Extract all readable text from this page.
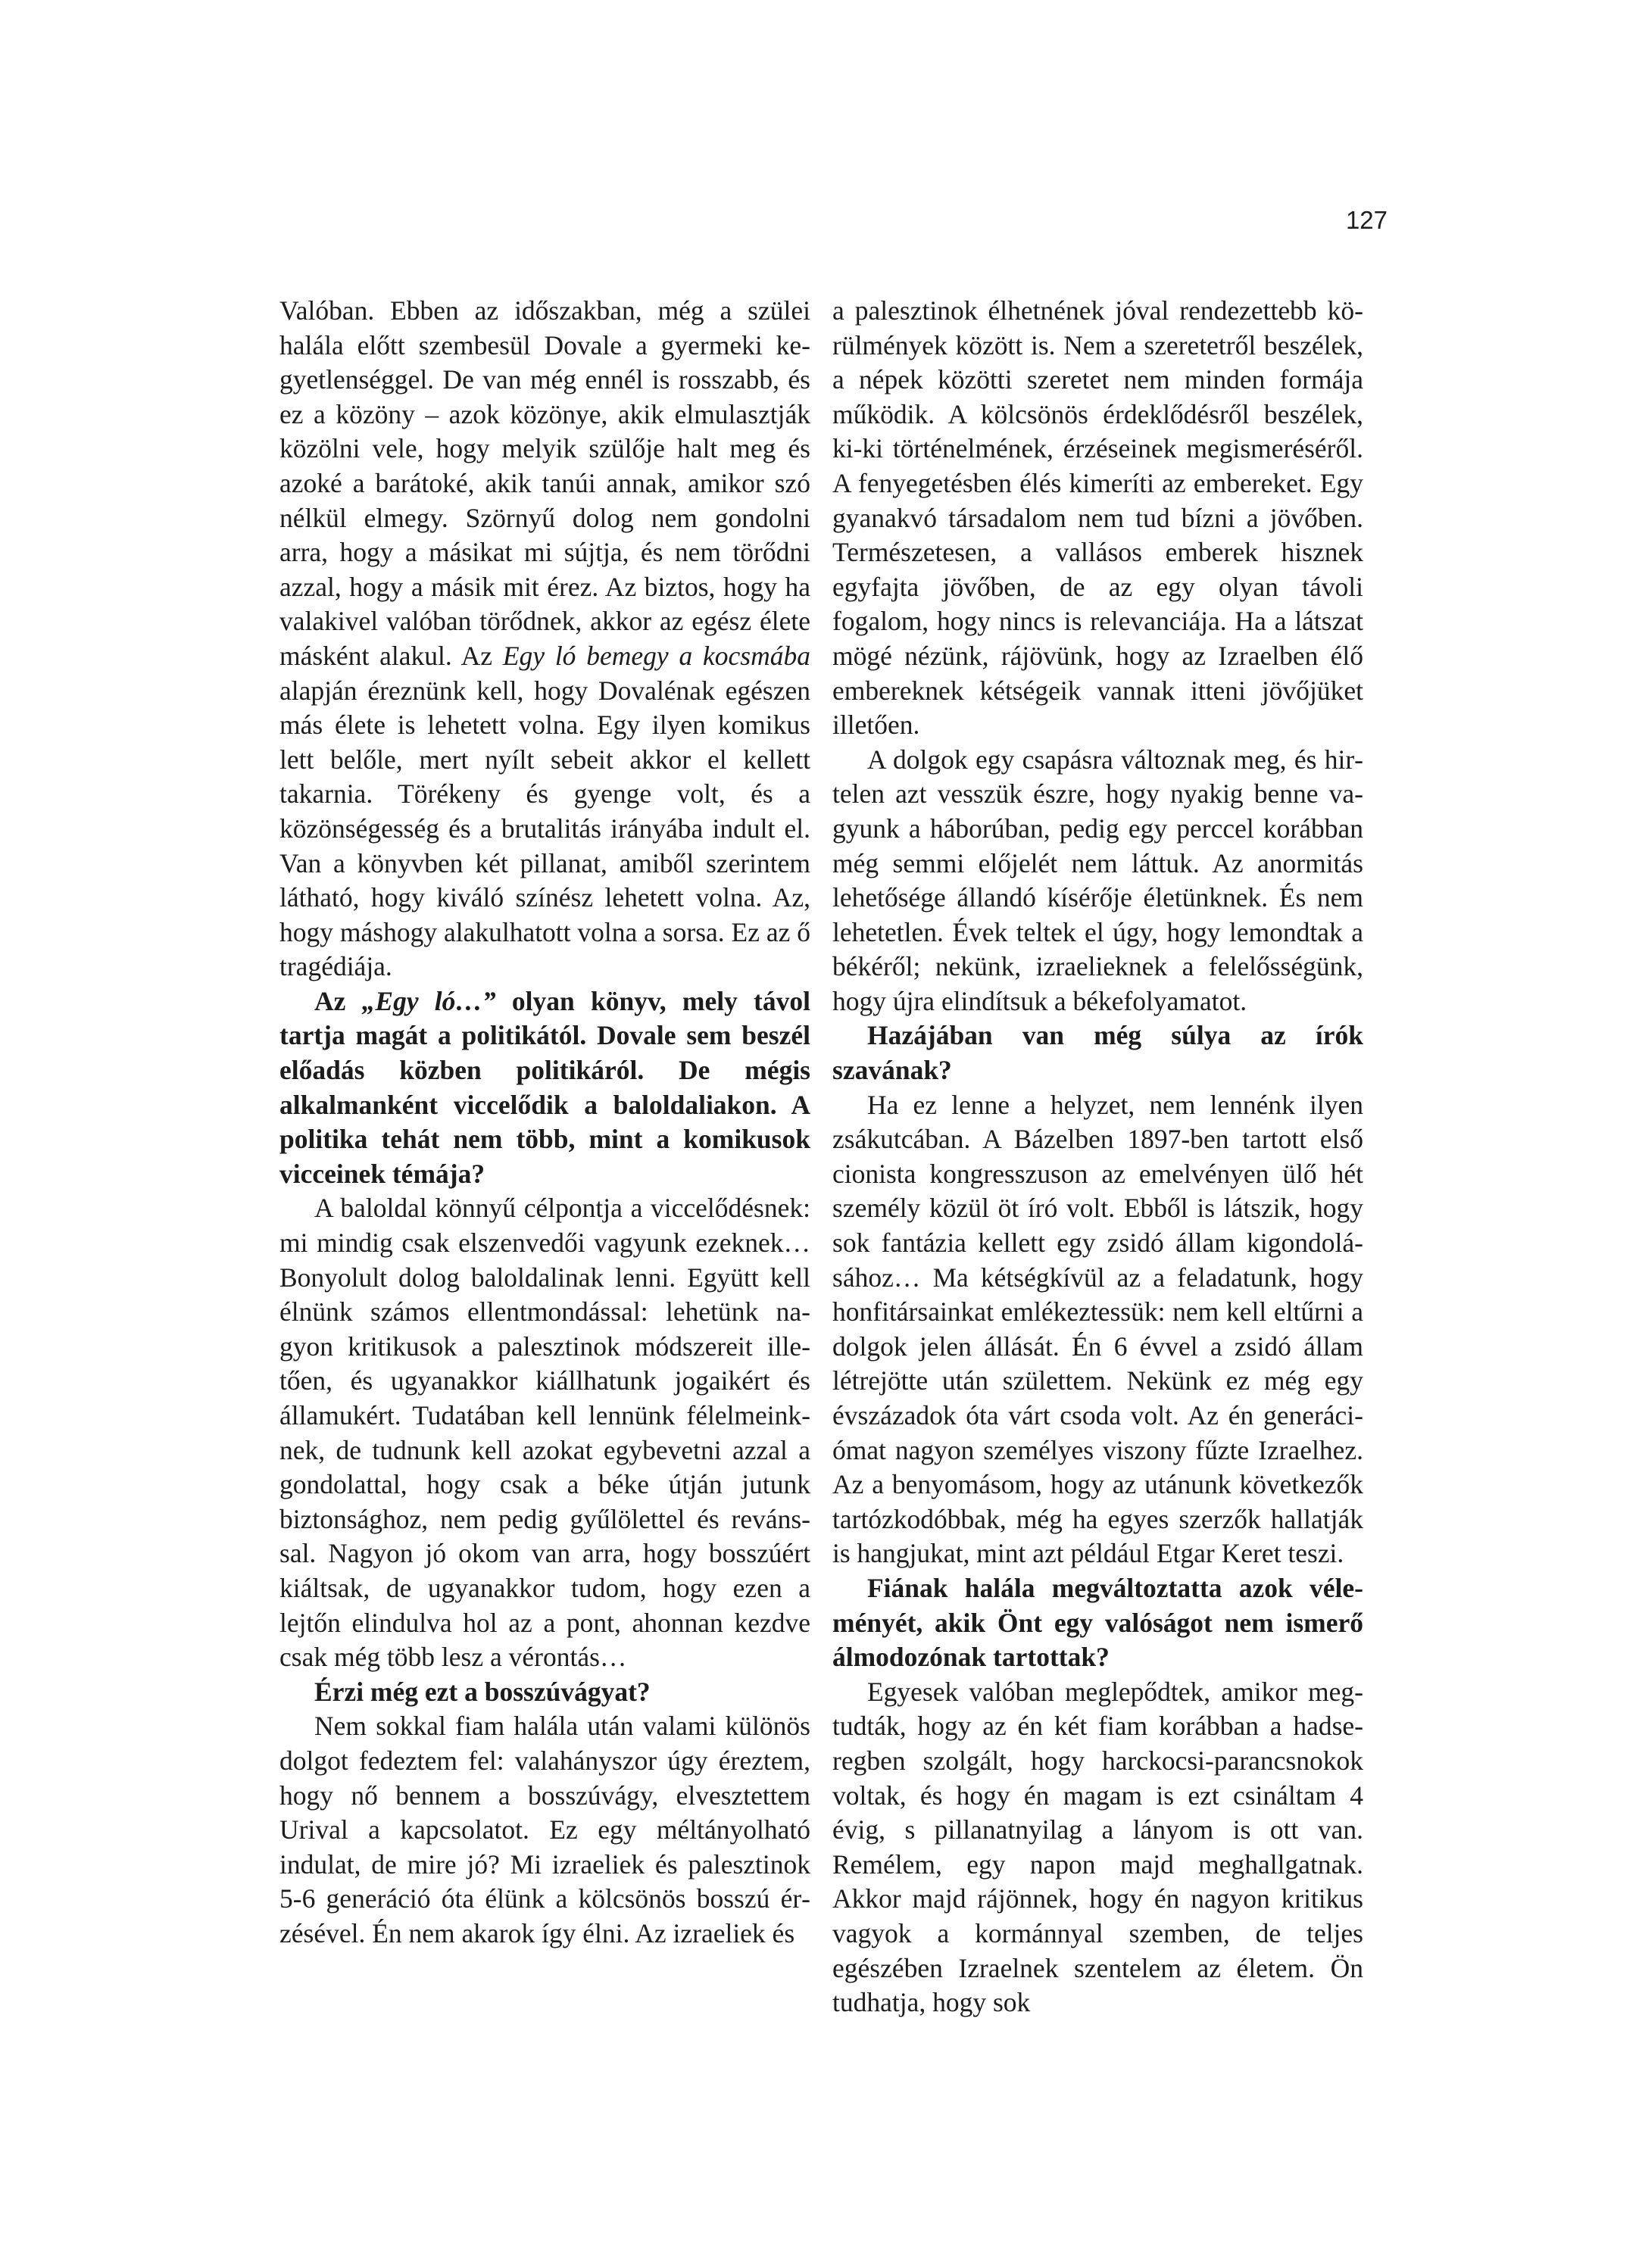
127

Valóban. Ebben az időszakban, még a szülei halála előtt szembesül Dovale a gyermeki kegyetlenséggel. De van még ennél is rosszabb, és ez a közöny – azok közönye, akik elmulasztják közölni vele, hogy melyik szülője halt meg és azoké a barátoké, akik tanúi annak, amikor szó nélkül elmegy. Szörnyű dolog nem gondolni arra, hogy a másikat mi sújtja, és nem törődni azzal, hogy a másik mit érez. Az biztos, hogy ha valakivel valóban törődnek, akkor az egész élete másként alakul. Az Egy ló bemegy a kocsmába alapján éreznünk kell, hogy Dovalénak egészen más élete is lehetett volna. Egy ilyen komikus lett belőle, mert nyílt sebeit akkor el kellett takarnia. Törékeny és gyenge volt, és a közönségesség és a brutalitás irányába indult el. Van a könyvben két pillanat, amiből szerintem látható, hogy kiváló színész lehetett volna. Az, hogy máshogy alakulhatott volna a sorsa. Ez az ő tragédiája.

Az „Egy ló…” olyan könyv, mely távol tartja magát a politikától. Dovale sem beszél előadás közben politikáról. De mégis alkalmanként viccelődik a baloldaliakon. A politika tehát nem több, mint a komikusok vicceinek témája?

A baloldal könnyű célpontja a viccelődésnek: mi mindig csak elszenvedői vagyunk ezeknek… Bonyolult dolog baloldalinak lenni. Együtt kell élnünk számos ellentmondással: lehetünk nagyon kritikusok a palesztinok módszereit illetően, és ugyanakkor kiállhatunk jogaikért és államukért. Tudatában kell lennünk félelmeinknek, de tudnunk kell azokat egybevetni azzal a gondolattal, hogy csak a béke útján jutunk biztonsághoz, nem pedig gyűlölettel és revánssal. Nagyon jó okom van arra, hogy bosszúért kiáltsak, de ugyanakkor tudom, hogy ezen a lejtőn elindulva hol az a pont, ahonnan kezdve csak még több lesz a vérontás…

Érzi még ezt a bosszúvágyat?

Nem sokkal fiam halála után valami különös dolgot fedeztem fel: valahányszor úgy éreztem, hogy nő bennem a bosszúvágy, elvesztettem Urival a kapcsolatot. Ez egy méltányolható indulat, de mire jó? Mi izraeliek és palesztinok 5-6 generáció óta élünk a kölcsönös bosszú érzésével. Én nem akarok így élni. Az izraeliek és

a palesztinok élhetnének jóval rendezettebb körülmények között is. Nem a szeretetről beszélek, a népek közötti szeretet nem minden formája működik. A kölcsönös érdeklődésről beszélek, ki-ki történelmének, érzéseinek megismeréséről. A fenyegetésben élés kimeríti az embereket. Egy gyanakvó társadalom nem tud bízni a jövőben. Természetesen, a vallásos emberek hisznek egyfajta jövőben, de az egy olyan távoli fogalom, hogy nincs is relevanciája. Ha a látszat mögé nézünk, rájövünk, hogy az Izraelben élő embereknek kétségeik vannak itteni jövőjüket illetően.

A dolgok egy csapásra változnak meg, és hirtelen azt vesszük észre, hogy nyakig benne vagyunk a háborúban, pedig egy perccel korábban még semmi előjelét nem láttuk. Az anormitás lehetősége állandó kísérője életünknek. És nem lehetetlen. Évek teltek el úgy, hogy lemondtak a békéről; nekünk, izraelieknek a felelősségünk, hogy újra elindítsuk a békefolyamatot.

Hazájában van még súlya az írók szavának?

Ha ez lenne a helyzet, nem lennénk ilyen zsákutcában. A Bázelben 1897-ben tartott első cionista kongresszuson az emelvényen ülő hét személy közül öt író volt. Ebből is látszik, hogy sok fantázia kellett egy zsidó állam kigondolásához… Ma kétségkívül az a feladatunk, hogy honfitársainkat emlékeztessük: nem kell eltűrni a dolgok jelen állását. Én 6 évvel a zsidó állam létrejötte után születtem. Nekünk ez még egy évszázadok óta várt csoda volt. Az én generációmat nagyon személyes viszony fűzte Izraelhez. Az a benyomásom, hogy az utánunk következők tartózkodóbbak, még ha egyes szerzők hallatják is hangjukat, mint azt például Etgar Keret teszi.

Fiának halála megváltoztatta azok véleményét, akik Önt egy valóságot nem ismerő álmodozónak tartottak?

Egyesek valóban meglepődtek, amikor megtudták, hogy az én két fiam korábban a hadseregben szolgált, hogy harckocsi-parancsnokok voltak, és hogy én magam is ezt csináltam 4 évig, s pillanatnyilag a lányom is ott van. Remélem, egy napon majd meghallgatnak. Akkor majd rájönnek, hogy én nagyon kritikus vagyok a kormánnyal szemben, de teljes egészében Izraelnek szentelem az életem. Ön tudhatja, hogy sok
